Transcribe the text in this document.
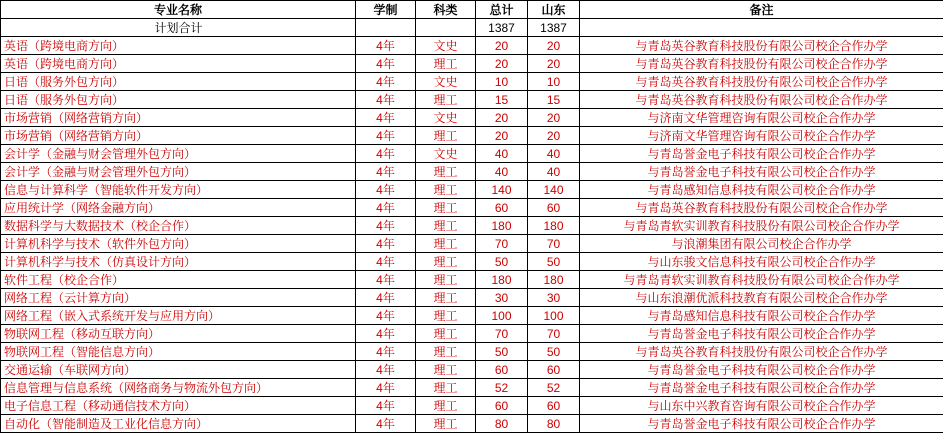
专业名称	学制	科类	总计	山东	备注
计划合计			1387	1387	
英语（跨境电商方向）	4年	文史	20	20	与青岛英谷教育科技股份有限公司校企合作办学
英语（跨境电商方向）	4年	理工	20	20	与青岛英谷教育科技股份有限公司校企合作办学
日语（服务外包方向）	4年	文史	10	10	与青岛英谷教育科技股份有限公司校企合作办学
日语（服务外包方向）	4年	理工	15	15	与青岛英谷教育科技股份有限公司校企合作办学
市场营销（网络营销方向）	4年	文史	20	20	与济南文华管理咨询有限公司校企合作办学
市场营销（网络营销方向）	4年	理工	20	20	与济南文华管理咨询有限公司校企合作办学
会计学（金融与财会管理外包方向）	4年	文史	40	40	与青岛誉金电子科技有限公司校企合作办学
会计学（金融与财会管理外包方向）	4年	理工	40	40	与青岛誉金电子科技有限公司校企合作办学
信息与计算科学（智能软件开发方向）	4年	理工	140	140	与青岛感知信息科技有限公司校企合作办学
应用统计学（网络金融方向）	4年	理工	60	60	与青岛英谷教育科技股份有限公司校企合作办学
数据科学与大数据技术（校企合作）	4年	理工	180	180	与青岛青软实训教育科技股份有限公司校企合作办学
计算机科学与技术（软件外包方向）	4年	理工	70	70	与浪潮集团有限公司校企合作办学
计算机科学与技术（仿真设计方向）	4年	理工	50	50	与山东骏文信息科技有限公司校企合作办学
软件工程（校企合作）	4年	理工	180	180	与青岛青软实训教育科技股份有限公司校企合作办学
网络工程（云计算方向）	4年	理工	30	30	与山东浪潮优派科技教育有限公司校企合作办学
网络工程（嵌入式系统开发与应用方向）	4年	理工	100	100	与青岛感知信息科技有限公司校企合作办学
物联网工程（移动互联方向）	4年	理工	70	70	与青岛誉金电子科技有限公司校企合作办学
物联网工程（智能信息方向）	4年	理工	50	50	与青岛英谷教育科技股份有限公司校企合作办学
交通运输（车联网方向）	4年	理工	60	60	与青岛誉金电子科技有限公司校企合作办学
信息管理与信息系统（网络商务与物流外包方向）	4年	理工	52	52	与青岛誉金电子科技有限公司校企合作办学
电子信息工程（移动通信技术方向）	4年	理工	60	60	与山东中兴教育咨询有限公司校企合作办学
自动化（智能制造及工业化信息方向）	4年	理工	80	80	与青岛誉金电子科技有限公司校企合作办学
